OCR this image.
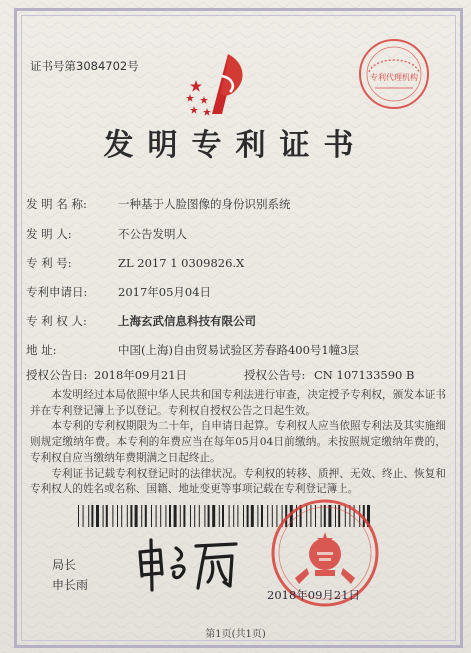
证书号第3084702号
专利代理机构
发明专利证书
发 明 名 称:	一种基于人脸图像的身份识别系统
发 明 人:	不公告发明人
专 利 号:	ZL 2017 1 0309826.X
专利申请日:	2017年05月04日
专 利 权 人:	上海玄武信息科技有限公司
地 址:	中国(上海)自由贸易试验区芳春路400号1幢3层
授权公告日: 2018年09月21日	授权公告号: CN 107133590 B

本发明经过本局依照中华人民共和国专利法进行审查，决定授予专利权，颁发本证书并在专利登记簿上予以登记。专利权自授权公告之日起生效。

本专利的专利权期限为二十年，自申请日起算。专利权人应当依照专利法及其实施细则规定缴纳年费。本专利的年费应当在每年05月04日前缴纳。未按照规定缴纳年费的，专利权自应当缴纳年费期满之日起终止。

专利证书记载专利权登记时的法律状况。专利权的转移、质押、无效、终止、恢复和专利权人的姓名或名称、国籍、地址变更等事项记载在专利登记簿上。

局长
申长雨
2018年09月21日
第1页(共1页)
